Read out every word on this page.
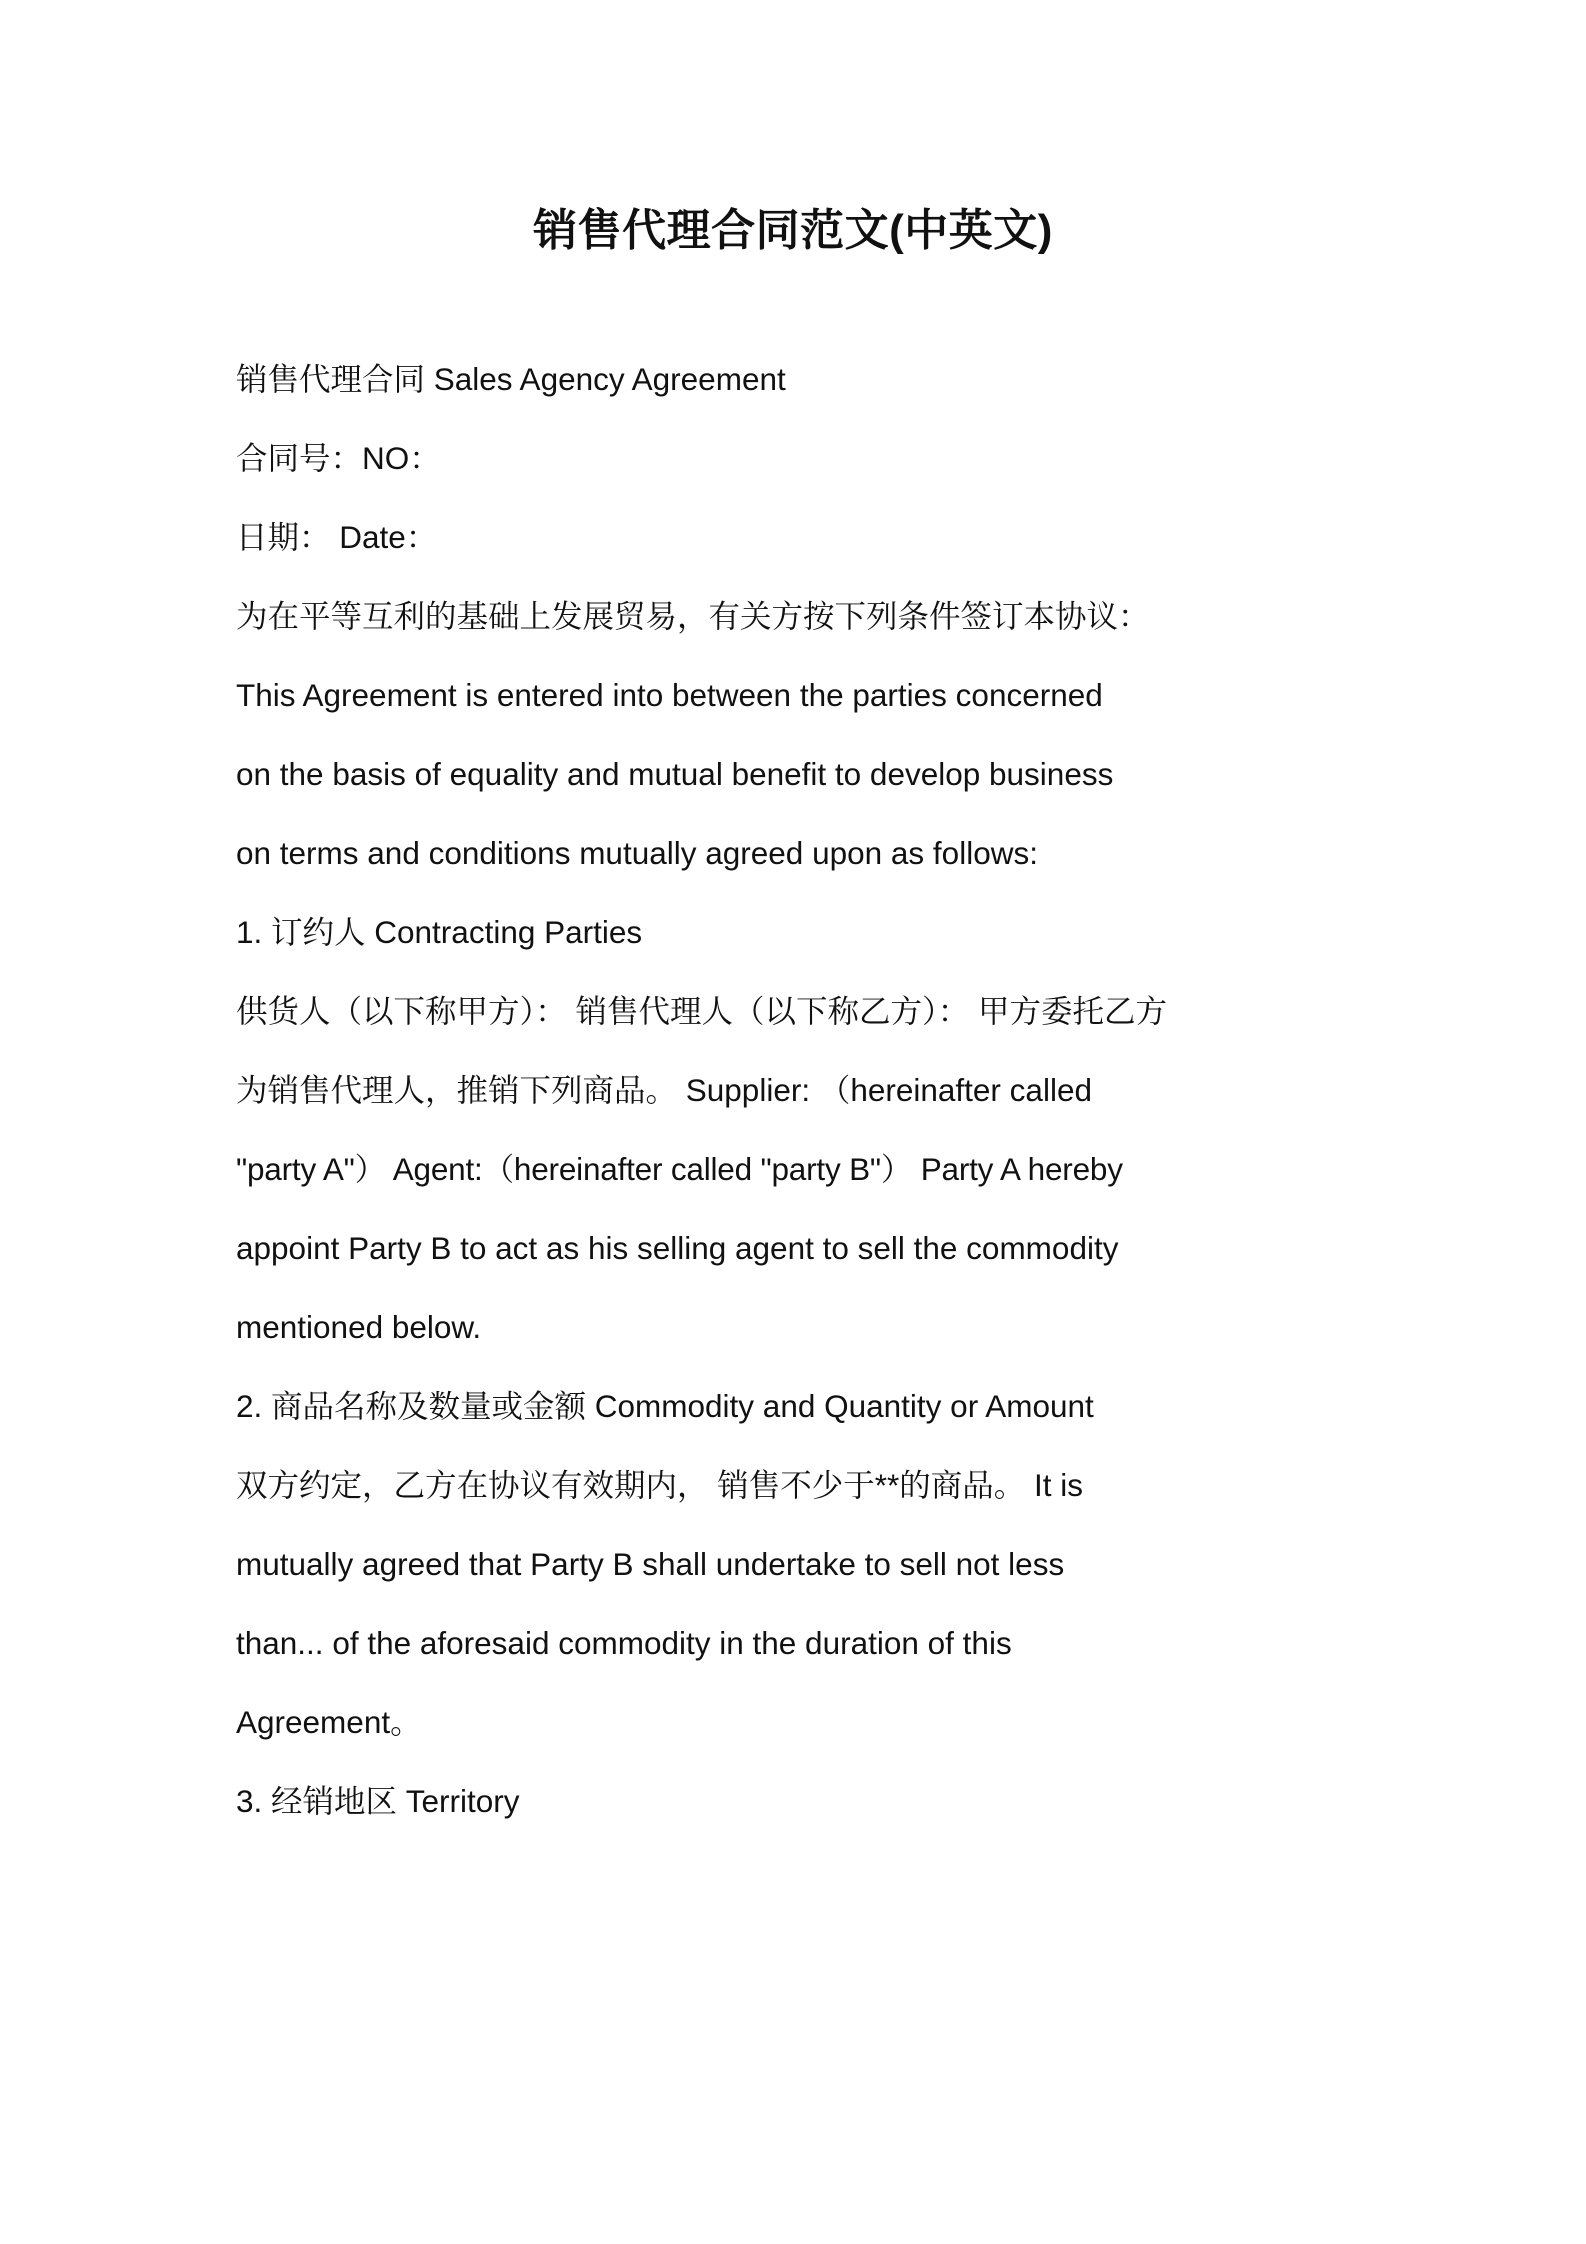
销售代理合同范文(中英文)
销售代理合同 Sales Agency Agreement
合同号：NO：
日期： Date：
为在平等互利的基础上发展贸易，有关方按下列条件签订本协议：
This Agreement is entered into between the parties concerned
on the basis of equality and mutual benefit to develop business
on terms and conditions mutually agreed upon as follows:
1. 订约人 Contracting Parties
供货人（以下称甲方）： 销售代理人（以下称乙方）： 甲方委托乙方
为销售代理人，推销下列商品。 Supplier: （hereinafter called
"party A"） Agent:（hereinafter called "party B"） Party A hereby
appoint Party B to act as his selling agent to sell the commodity
mentioned below.
2. 商品名称及数量或金额 Commodity and Quantity or Amount
双方约定，乙方在协议有效期内， 销售不少于**的商品。 It is
mutually agreed that Party B shall undertake to sell not less
than... of the aforesaid commodity in the duration of this
Agreement。
3. 经销地区 Territory
